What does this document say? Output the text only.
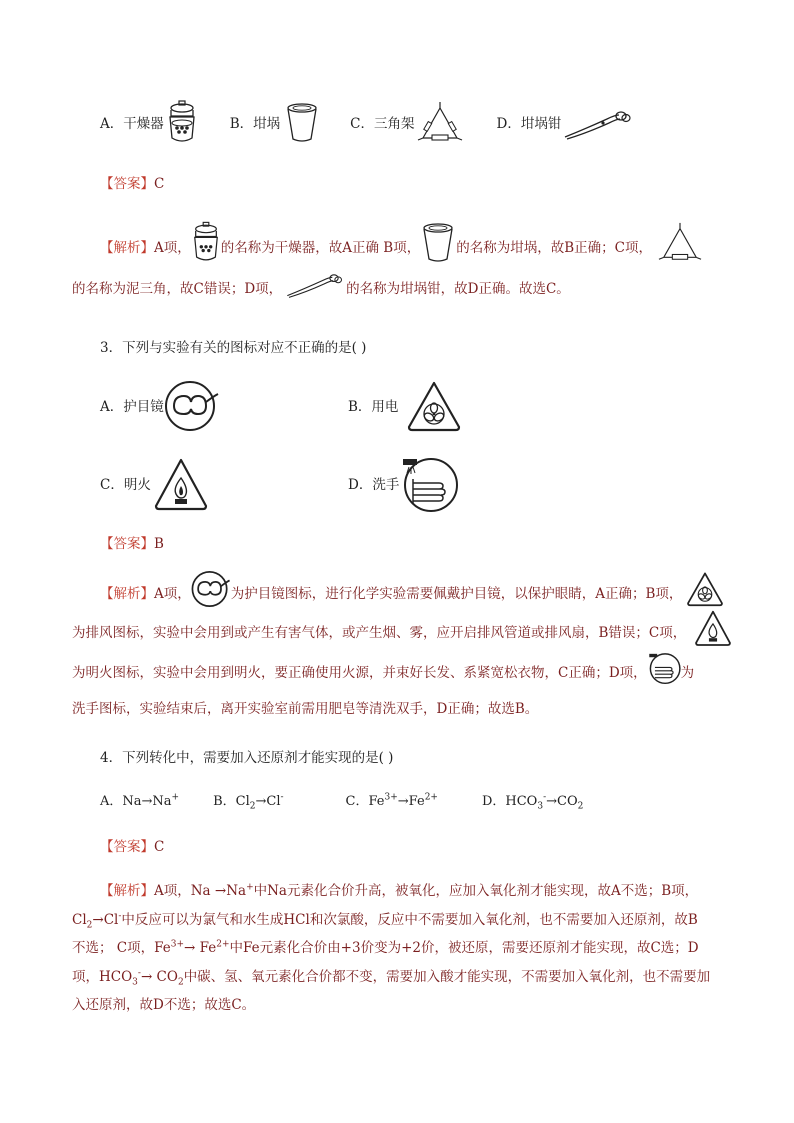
A．干燥器	B．坩埚	C．三角架	D．坩埚钳
【答案】 C
【解析】 A项， 的名称为干燥器，故A正确 B项，	的名称为坩埚，故B正确；C项，
的名称为泥三角，故C错误；D项，	的名称为坩埚钳，故D正确。故选C。
3．下列与实验有关的图标对应不正确的是( )
A．护目镜	B．用电
C．明火	D．洗手
【答案】 B
【解析】 A项，	为护目镜图标，进行化学实验需要佩戴护目镜，以保护眼睛，A正确；B项，
为排风图标，实验中会用到或产生有害气体，或产生烟、雾，应开启排风管道或排风扇，B错误；C项，
为明火图标，实验中会用到明火，要正确使用火源，并束好长发、系紧宽松衣物，C正确；D项，	为
洗手图标，实验结束后，离开实验室前需用肥皂等清洗双手，D正确；故选B。
4．下列转化中，需要加入还原剂才能实现的是( )
A．Na→Na+	B．$Cl_2\to Cl^-$	C．$Fe^{3+}\to Fe^{2+}$	D．$HCO_3^-\to CO_2$
【答案】 C
【解析】A项，Na →Na+中Na元素化合价升高，被氧化，应加入氧化剂才能实现，故A不选；B项，
$Cl_2\to Cl^-$中反应可以为氯气和水生成HCl和次氯酸，反应中不需要加入氧化剂，也不需要加入还原剂，故B
不选； C项，$Fe^{3+}\to Fe^{2+}$中Fe元素化合价由+3价变为+2价，被还原，需要还原剂才能实现，故C选；D
项，$HCO_3^-\to CO_2$中碳、氢、氧元素化合价都不变，需要加入酸才能实现，不需要加入氧化剂，也不需要加
入还原剂，故D不选；故选C。
